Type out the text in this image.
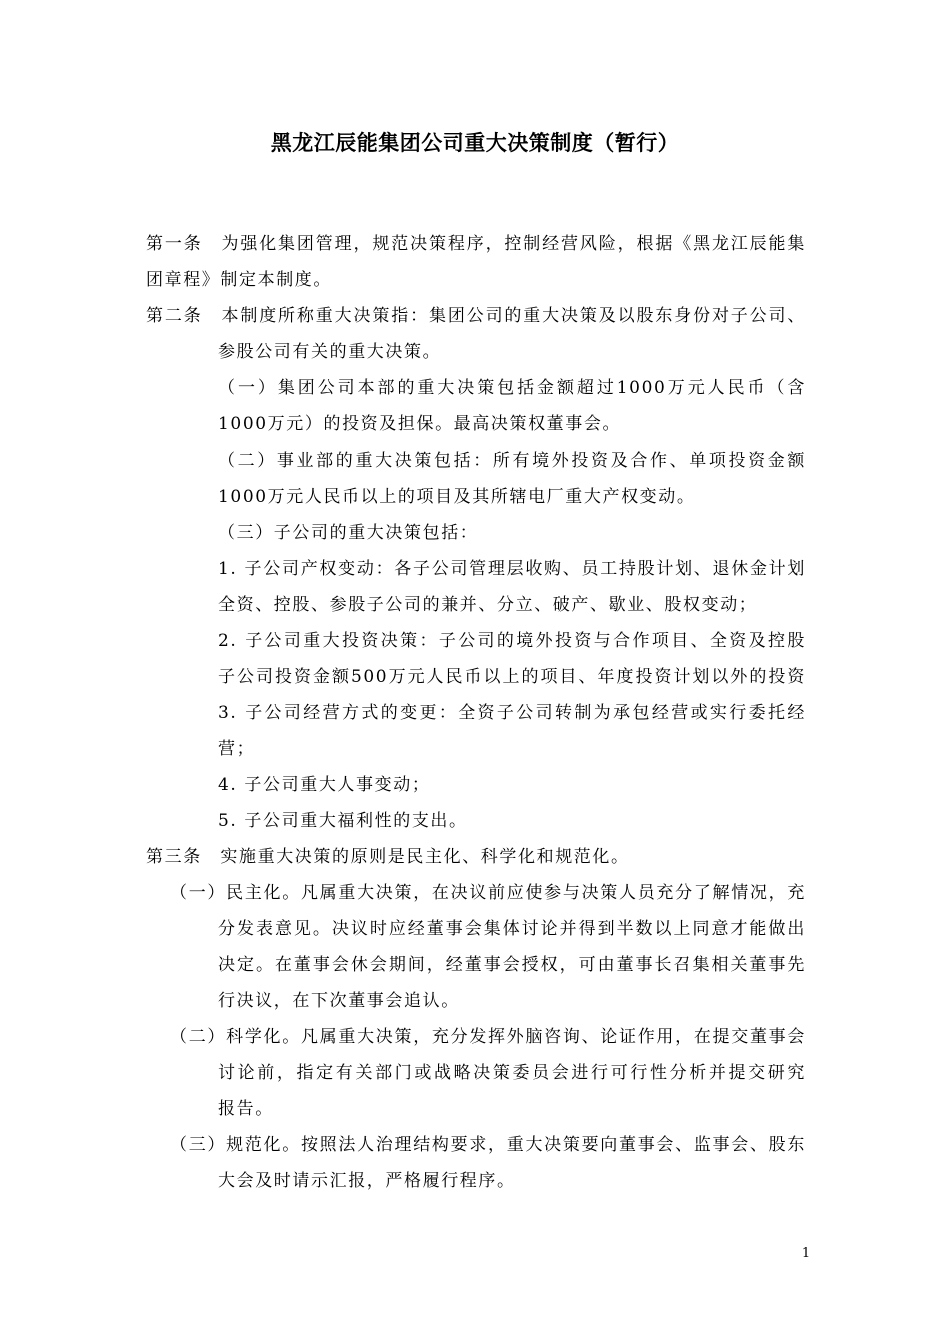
黑龙江辰能集团公司重大决策制度（暂行）
第一条　为强化集团管理，规范决策程序，控制经营风险，根据《黑龙江辰能集
团章程》制定本制度。
第二条　本制度所称重大决策指：集团公司的重大决策及以股东身份对子公司、
参股公司有关的重大决策。
（一）集团公司本部的重大决策包括金额超过1000万元人民币（含
1000万元）的投资及担保。最高决策权董事会。
（二）事业部的重大决策包括：所有境外投资及合作、单项投资金额
1000万元人民币以上的项目及其所辖电厂重大产权变动。
（三）子公司的重大决策包括：
1. 子公司产权变动：各子公司管理层收购、员工持股计划、退休金计划
全资、控股、参股子公司的兼并、分立、破产、歇业、股权变动；
2. 子公司重大投资决策：子公司的境外投资与合作项目、全资及控股
子公司投资金额500万元人民币以上的项目、年度投资计划以外的投资
3. 子公司经营方式的变更：全资子公司转制为承包经营或实行委托经
营；
4. 子公司重大人事变动；
5. 子公司重大福利性的支出。
第三条　实施重大决策的原则是民主化、科学化和规范化。
（一）民主化。凡属重大决策，在决议前应使参与决策人员充分了解情况，充
分发表意见。决议时应经董事会集体讨论并得到半数以上同意才能做出
决定。在董事会休会期间，经董事会授权，可由董事长召集相关董事先
行决议，在下次董事会追认。
（二）科学化。凡属重大决策，充分发挥外脑咨询、论证作用，在提交董事会
讨论前，指定有关部门或战略决策委员会进行可行性分析并提交研究
报告。
（三）规范化。按照法人治理结构要求，重大决策要向董事会、监事会、股东
大会及时请示汇报，严格履行程序。
1
